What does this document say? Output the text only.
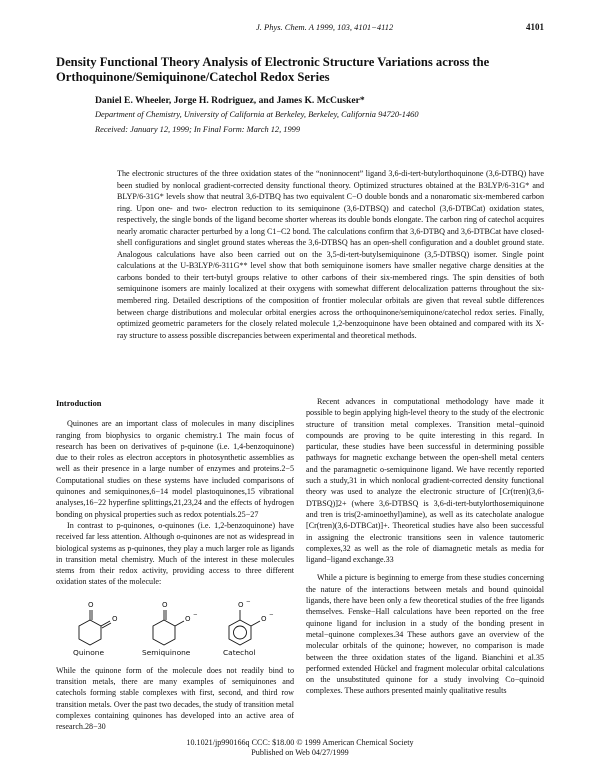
J. Phys. Chem. A 1999, 103, 4101−4112	4101
Density Functional Theory Analysis of Electronic Structure Variations across the Orthoquinone/Semiquinone/Catechol Redox Series
Daniel E. Wheeler, Jorge H. Rodriguez, and James K. McCusker*
Department of Chemistry, University of California at Berkeley, Berkeley, California 94720-1460
Received: January 12, 1999; In Final Form: March 12, 1999

The electronic structures of the three oxidation states of the “noninnocent” ligand 3,6-di-tert-butylorthoquinone (3,6-DTBQ) have been studied by nonlocal gradient-corrected density functional theory. Optimized structures obtained at the B3LYP/6-31G* and BLYP/6-31G* levels show that neutral 3,6-DTBQ has two equivalent C−O double bonds and a nonaromatic six-membered carbon ring. Upon one- and two- electron reduction to its semiquinone (3,6-DTBSQ) and catechol (3,6-DTBCat) oxidation states, respectively, the single bonds of the ligand become shorter whereas its double bonds elongate. The carbon ring of catechol acquires nearly aromatic character perturbed by a long C1−C2 bond. The calculations confirm that 3,6-DTBQ and 3,6-DTBCat have closed-shell configurations and singlet ground states whereas the 3,6-DTBSQ has an open-shell configuration and a doublet ground state. Analogous calculations have also been carried out on the 3,5-di-tert-butylsemiquinone (3,5-DTBSQ) isomer. Single point calculations at the U-B3LYP/6-311G** level show that both semiquinone isomers have smaller negative charge densities at the carbons bonded to their tert-butyl groups relative to other carbons of their six-membered rings. The spin densities of both semiquinone isomers are mainly localized at their oxygens with somewhat different delocalization patterns throughout the six-membered ring. Detailed descriptions of the composition of frontier molecular orbitals are given that reveal subtle differences between charge distributions and molecular orbital energies across the orthoquinone/semiquinone/catechol redox series. Finally, optimized geometric parameters for the closely related molecule 1,2-benzoquinone have been obtained and compared with its X-ray structure to assess possible discrepancies between experimental and theoretical methods.

Introduction

Quinones are an important class of molecules in many disciplines ranging from biophysics to organic chemistry.1 The main focus of research has been on derivatives of p-quinone (i.e. 1,4-benzoquinone) due to their roles as electron acceptors in photosynthetic assemblies as well as their presence in a large number of enzymes and proteins.2−5 Computational studies on these systems have included comparisons of quinones and semiquinones,6−14 model plastoquinones,15 vibrational analyses,16−22 hyperfine splittings,21,23,24 and the effects of hydrogen bonding on physical properties such as redox potentials.25−27

In contrast to p-quinones, o-quinones (i.e. 1,2-benzoquinone) have received far less attention. Although o-quinones are not as widespread in biological systems as p-quinones, they play a much larger role as ligands in transition metal chemistry. Much of the interest in these molecules stems from their redox activity, providing access to three different oxidation states of the molecule:

O
O
O
O −
O −
O −
Quinone	Semiquinone	Catechol

While the quinone form of the molecule does not readily bind to transition metals, there are many examples of semiquinones and catechols forming stable complexes with first, second, and third row transition metals. Over the past two decades, the study of transition metal complexes containing quinones has developed into an active area of research.28−30

Recent advances in computational methodology have made it possible to begin applying high-level theory to the study of the electronic structure of transition metal complexes. Transition metal−quinoid compounds are proving to be quite interesting in this regard. In particular, these studies have been successful in determining possible pathways for magnetic exchange between the open-shell metal centers and the paramagnetic o-semiquinone ligand. We have recently reported such a study,31 in which nonlocal gradient-corrected density functional theory was used to analyze the electronic structure of [Cr(tren)(3,6-DTBSQ)]2+ (where 3,6-DTBSQ is 3,6-di-tert-butylorthosemiquinone and tren is tris(2-aminoethyl)amine), as well as its catecholate analogue [Cr(tren)(3,6-DTBCat)]+. Theoretical studies have also been successful in assigning the electronic transitions seen in valence tautomeric complexes,32 as well as the role of diamagnetic metals as media for ligand−ligand exchange.33

While a picture is beginning to emerge from these studies concerning the nature of the interactions between metals and bound quinoidal ligands, there have been only a few theoretical studies of the free ligands themselves. Fenske−Hall calculations have been reported on the free quinone ligand for inclusion in a study of the bonding present in metal−quinone complexes.34 These authors gave an overview of the molecular orbitals of the quinone; however, no comparison is made between the three oxidation states of the ligand. Bianchini et al.35 performed extended Hückel and fragment molecular orbital calculations on the unsubstituted quinone for a study involving Co−quinoid complexes. These authors presented mainly qualitative results

10.1021/jp990166q CCC: $18.00 © 1999 American Chemical Society
Published on Web 04/27/1999
